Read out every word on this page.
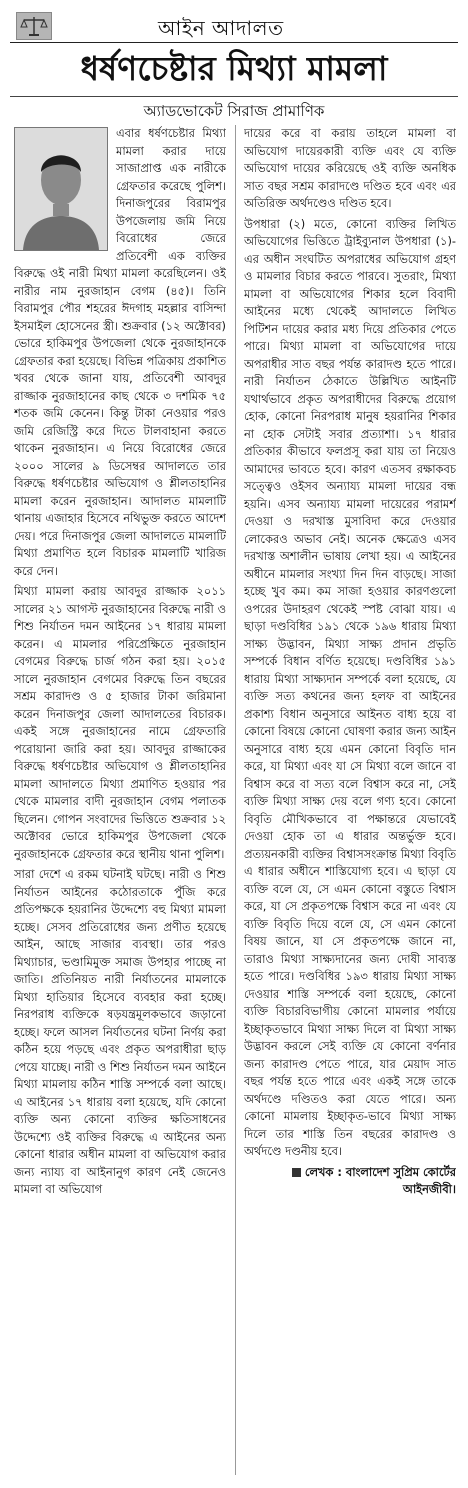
আইন আদালত
ধর্ষণচেষ্টার মিথ্যা মামলা
অ্যাডভোকেট সিরাজ প্রামাণিক

এবার ধর্ষণচেষ্টার মিথ্যা মামলা করার দায়ে সাজাপ্রাপ্ত এক নারীকে গ্রেফতার করেছে পুলিশ। দিনাজপুরের বিরামপুর উপজেলায় জমি নিয়ে বিরোধের জেরে প্রতিবেশী এক ব্যক্তির বিরুদ্ধে ওই নারী মিথ্যা মামলা করেছিলেন। ওই নারীর নাম নুরজাহান বেগম (৪৫)। তিনি বিরামপুর পৌর শহরের ঈদগাহ মহল্লার বাসিন্দা ইসমাইল হোসেনের স্ত্রী। শুক্রবার (১২ অক্টোবর) ভোরে হাকিমপুর উপজেলা থেকে নুরজাহানকে গ্রেফতার করা হয়েছে। বিভিন্ন পত্রিকায় প্রকাশিত খবর থেকে জানা যায়, প্রতিবেশী আবদুর রাজ্জাক নুরজাহানের কাছ থেকে ৩ দশমিক ৭৫ শতক জমি কেনেন। কিন্তু টাকা নেওয়ার পরও জমি রেজিস্ট্রি করে দিতে টালবাহানা করতে থাকেন নুরজাহান। এ নিয়ে বিরোধের জেরে ২০০০ সালের ৯ ডিসেম্বর আদালতে তার বিরুদ্ধে ধর্ষণচেষ্টার অভিযোগ ও শ্লীলতাহানির মামলা করেন নুরজাহান। আদালত মামলাটি থানায় এজাহার হিসেবে নথিভুক্ত করতে আদেশ দেয়। পরে দিনাজপুর জেলা আদালতে মামলাটি মিথ্যা প্রমাণিত হলে বিচারক মামলাটি খারিজ করে দেন।

মিথ্যা মামলা করায় আবদুর রাজ্জাক ২০১১ সালের ২১ আগস্ট নুরজাহানের বিরুদ্ধে নারী ও শিশু নির্যাতন দমন আইনের ১৭ ধারায় মামলা করেন। এ মামলার পরিপ্রেক্ষিতে নুরজাহান বেগমের বিরুদ্ধে চার্জ গঠন করা হয়। ২০১৫ সালে নুরজাহান বেগমের বিরুদ্ধে তিন বছরের সশ্রম কারাদণ্ড ও ৫ হাজার টাকা জরিমানা করেন দিনাজপুর জেলা আদালতের বিচারক। একই সঙ্গে নুরজাহানের নামে গ্রেফতারি পরোয়ানা জারি করা হয়। আবদুর রাজ্জাকের বিরুদ্ধে ধর্ষণচেষ্টার অভিযোগ ও শ্লীলতাহানির মামলা আদালতে মিথ্যা প্রমাণিত হওয়ার পর থেকে মামলার বাদী নুরজাহান বেগম পলাতক ছিলেন। গোপন সংবাদের ভিত্তিতে শুক্রবার ১২ অক্টোবর ভোরে হাকিমপুর উপজেলা থেকে নুরজাহানকে গ্রেফতার করে স্থানীয় থানা পুলিশ।

সারা দেশে এ রকম ঘটনাই ঘটছে। নারী ও শিশু নির্যাতন আইনের কঠোরতাকে পুঁজি করে প্রতিপক্ষকে হয়রানির উদ্দেশ্যে বহু মিথ্যা মামলা হচ্ছে। সেসব প্রতিরোধের জন্য প্রণীত হয়েছে আইন, আছে সাজার ব্যবস্থা। তার পরও মিথ্যাচার, ভণ্ডামিমুক্ত সমাজ উপহার পাচ্ছে না জাতি। প্রতিনিয়ত নারী নির্যাতনের মামলাকে মিথ্যা হাতিয়ার হিসেবে ব্যবহার করা হচ্ছে। নিরপরাধ ব্যক্তিকে ষড়যন্ত্রমূলকভাবে জড়ানো হচ্ছে। ফলে আসল নির্যাতনের ঘটনা নির্ণয় করা কঠিন হয়ে পড়ছে এবং প্রকৃত অপরাধীরা ছাড় পেয়ে যাচ্ছে। নারী ও শিশু নির্যাতন দমন আইনে মিথ্যা মামলায় কঠিন শাস্তি সম্পর্কে বলা আছে। এ আইনের ১৭ ধারায় বলা হয়েছে, যদি কোনো ব্যক্তি অন্য কোনো ব্যক্তির ক্ষতিসাধনের উদ্দেশ্যে ওই ব্যক্তির বিরুদ্ধে এ আইনের অন্য কোনো ধারার অধীন মামলা বা অভিযোগ করার জন্য ন্যায্য বা আইনানুগ কারণ নেই জেনেও মামলা বা অভিযোগ

দায়ের করে বা করায় তাহলে মামলা বা অভিযোগ দায়েরকারী ব্যক্তি এবং যে ব্যক্তি অভিযোগ দায়ের করিয়েছে ওই ব্যক্তি অনধিক সাত বছর সশ্রম কারাদণ্ডে দণ্ডিত হবে এবং এর অতিরিক্ত অর্থদণ্ডেও দণ্ডিত হবে।

উপধারা (২) মতে, কোনো ব্যক্তির লিখিত অভিযোগের ভিত্তিতে ট্রাইব্যুনাল উপধারা (১)-এর অধীন সংঘটিত অপরাধের অভিযোগ গ্রহণ ও মামলার বিচার করতে পারবে। সুতরাং, মিথ্যা মামলা বা অভিযোগের শিকার হলে বিবাদী আইনের মধ্যে থেকেই আদালতে লিখিত পিটিশন দায়ের করার মধ্য দিয়ে প্রতিকার পেতে পারে। মিথ্যা মামলা বা অভিযোগের দায়ে অপরাধীর সাত বছর পর্যন্ত কারাদণ্ড হতে পারে। নারী নির্যাতন ঠেকাতে উল্লিখিত আইনটি যথার্থভাবে প্রকৃত অপরাধীদের বিরুদ্ধে প্রয়োগ হোক, কোনো নিরপরাধ মানুষ হয়রানির শিকার না হোক সেটাই সবার প্রত্যাশা। ১৭ ধারার প্রতিকার কীভাবে ফলপ্রসূ করা যায় তা নিয়েও আমাদের ভাবতে হবে। কারণ এতসব রক্ষাকবচ সত্ত্বেও ওইসব অন্যায্য মামলা দায়ের বন্ধ হয়নি। এসব অন্যায্য মামলা দায়েরের পরামর্শ দেওয়া ও দরখাস্ত মুসাবিদা করে দেওয়ার লোকেরও অভাব নেই। অনেক ক্ষেত্রেও এসব দরখাস্ত অশালীন ভাষায় লেখা হয়। এ আইনের অধীনে মামলার সংখ্যা দিন দিন বাড়ছে। সাজা হচ্ছে খুব কম। কম সাজা হওয়ার কারণগুলো ওপরের উদাহরণ থেকেই স্পষ্ট বোঝা যায়। এ ছাড়া দণ্ডবিধির ১৯১ থেকে ১৯৬ ধারায় মিথ্যা সাক্ষ্য উদ্ভাবন, মিথ্যা সাক্ষ্য প্রদান প্রভৃতি সম্পর্কে বিধান বর্ণিত হয়েছে। দণ্ডবিধির ১৯১ ধারায় মিথ্যা সাক্ষ্যদান সম্পর্কে বলা হয়েছে, যে ব্যক্তি সত্য কথনের জন্য হলফ বা আইনের প্রকাশ্য বিধান অনুসারে আইনত বাধ্য হয়ে বা কোনো বিষয়ে কোনো ঘোষণা করার জন্য আইন অনুসারে বাধ্য হয়ে এমন কোনো বিবৃতি দান করে, যা মিথ্যা এবং যা সে মিথ্যা বলে জানে বা বিশ্বাস করে বা সত্য বলে বিশ্বাস করে না, সেই ব্যক্তি মিথ্যা সাক্ষ্য দেয় বলে গণ্য হবে। কোনো বিবৃতি মৌখিকভাবে বা পক্ষান্তরে যেভাবেই দেওয়া হোক তা এ ধারার অন্তর্ভুক্ত হবে। প্রত্যয়নকারী ব্যক্তির বিশ্বাসসংক্রান্ত মিথ্যা বিবৃতি এ ধারার অধীনে শাস্তিযোগ্য হবে। এ ছাড়া যে ব্যক্তি বলে যে, সে এমন কোনো বস্তুতে বিশ্বাস করে, যা সে প্রকৃতপক্ষে বিশ্বাস করে না এবং যে ব্যক্তি বিবৃতি দিয়ে বলে যে, সে এমন কোনো বিষয় জানে, যা সে প্রকৃতপক্ষে জানে না, তারাও মিথ্যা সাক্ষ্যদানের জন্য দোষী সাব্যস্ত হতে পারে। দণ্ডবিধির ১৯৩ ধারায় মিথ্যা সাক্ষ্য দেওয়ার শাস্তি সম্পর্কে বলা হয়েছে, কোনো ব্যক্তি বিচারবিভাগীয় কোনো মামলার পর্যায়ে ইচ্ছাকৃতভাবে মিথ্যা সাক্ষ্য দিলে বা মিথ্যা সাক্ষ্য উদ্ভাবন করলে সেই ব্যক্তি যে কোনো বর্ণনার জন্য কারাদণ্ড পেতে পারে, যার মেয়াদ সাত বছর পর্যন্ত হতে পারে এবং একই সঙ্গে তাকে অর্থদণ্ডে দণ্ডিতও করা যেতে পারে। অন্য কোনো মামলায় ইচ্ছাকৃত-ভাবে মিথ্যা সাক্ষ্য দিলে তার শাস্তি তিন বছরের কারাদণ্ড ও অর্থদণ্ডে দণ্ডনীয় হবে।

লেখক : বাংলাদেশ সুপ্রিম কোর্টের আইনজীবী।
